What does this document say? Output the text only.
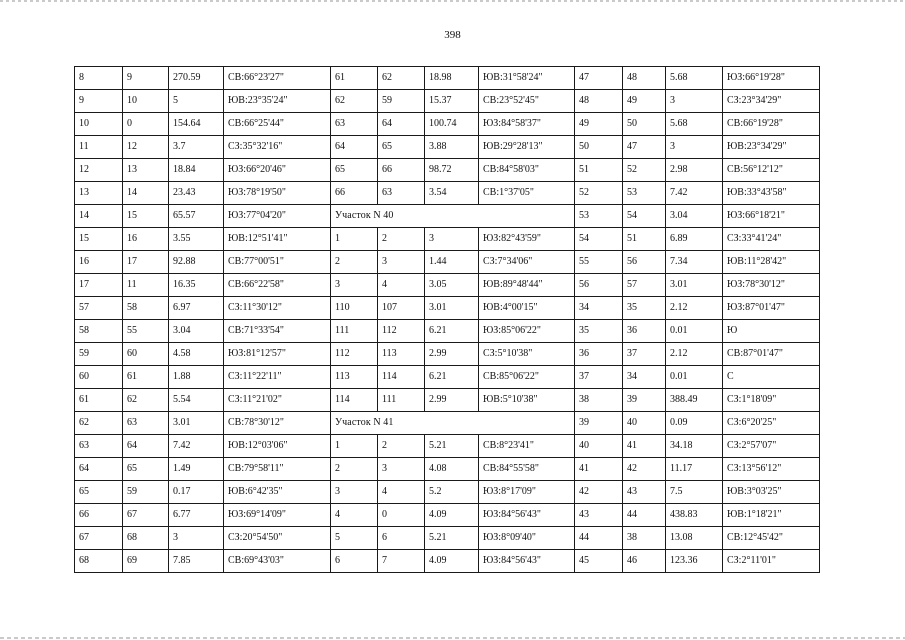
398
8	9	270.59	СВ:66°23'27"	61	62	18.98	ЮВ:31°58'24"	47	48	5.68	ЮЗ:66°19'28"
9	10	5	ЮВ:23°35'24"	62	59	15.37	СВ:23°52'45"	48	49	3	СЗ:23°34'29"
10	0	154.64	СВ:66°25'44"	63	64	100.74	ЮЗ:84°58'37"	49	50	5.68	СВ:66°19'28"
11	12	3.7	СЗ:35°32'16"	64	65	3.88	ЮВ:29°28'13"	50	47	3	ЮВ:23°34'29"
12	13	18.84	ЮЗ:66°20'46"	65	66	98.72	СВ:84°58'03"	51	52	2.98	СВ:56°12'12"
13	14	23.43	ЮЗ:78°19'50"	66	63	3.54	СВ:1°37'05"	52	53	7.42	ЮВ:33°43'58"
14	15	65.57	ЮЗ:77°04'20"	Участок N 40				53	54	3.04	ЮЗ:66°18'21"
15	16	3.55	ЮВ:12°51'41"	1	2	3	ЮЗ:82°43'59"	54	51	6.89	СЗ:33°41'24"
16	17	92.88	СВ:77°00'51"	2	3	1.44	СЗ:7°34'06"	55	56	7.34	ЮВ:11°28'42"
17	11	16.35	СВ:66°22'58"	3	4	3.05	ЮВ:89°48'44"	56	57	3.01	ЮЗ:78°30'12"
57	58	6.97	СЗ:11°30'12"	110	107	3.01	ЮВ:4°00'15"	34	35	2.12	ЮЗ:87°01'47"
58	55	3.04	СВ:71°33'54"	111	112	6.21	ЮЗ:85°06'22"	35	36	0.01	Ю
59	60	4.58	ЮЗ:81°12'57"	112	113	2.99	СЗ:5°10'38"	36	37	2.12	СВ:87°01'47"
60	61	1.88	СЗ:11°22'11"	113	114	6.21	СВ:85°06'22"	37	34	0.01	С
61	62	5.54	СЗ:11°21'02"	114	111	2.99	ЮВ:5°10'38"	38	39	388.49	СЗ:1°18'09"
62	63	3.01	СВ:78°30'12"	Участок N 41				39	40	0.09	СЗ:6°20'25"
63	64	7.42	ЮВ:12°03'06"	1	2	5.21	СВ:8°23'41"	40	41	34.18	СЗ:2°57'07"
64	65	1.49	СВ:79°58'11"	2	3	4.08	СВ:84°55'58"	41	42	11.17	СЗ:13°56'12"
65	59	0.17	ЮВ:6°42'35"	3	4	5.2	ЮЗ:8°17'09"	42	43	7.5	ЮВ:3°03'25"
66	67	6.77	ЮЗ:69°14'09"	4	0	4.09	ЮЗ:84°56'43"	43	44	438.83	ЮВ:1°18'21"
67	68	3	СЗ:20°54'50"	5	6	5.21	ЮЗ:8°09'40"	44	38	13.08	СВ:12°45'42"
68	69	7.85	СВ:69°43'03"	6	7	4.09	ЮЗ:84°56'43"	45	46	123.36	СЗ:2°11'01"
